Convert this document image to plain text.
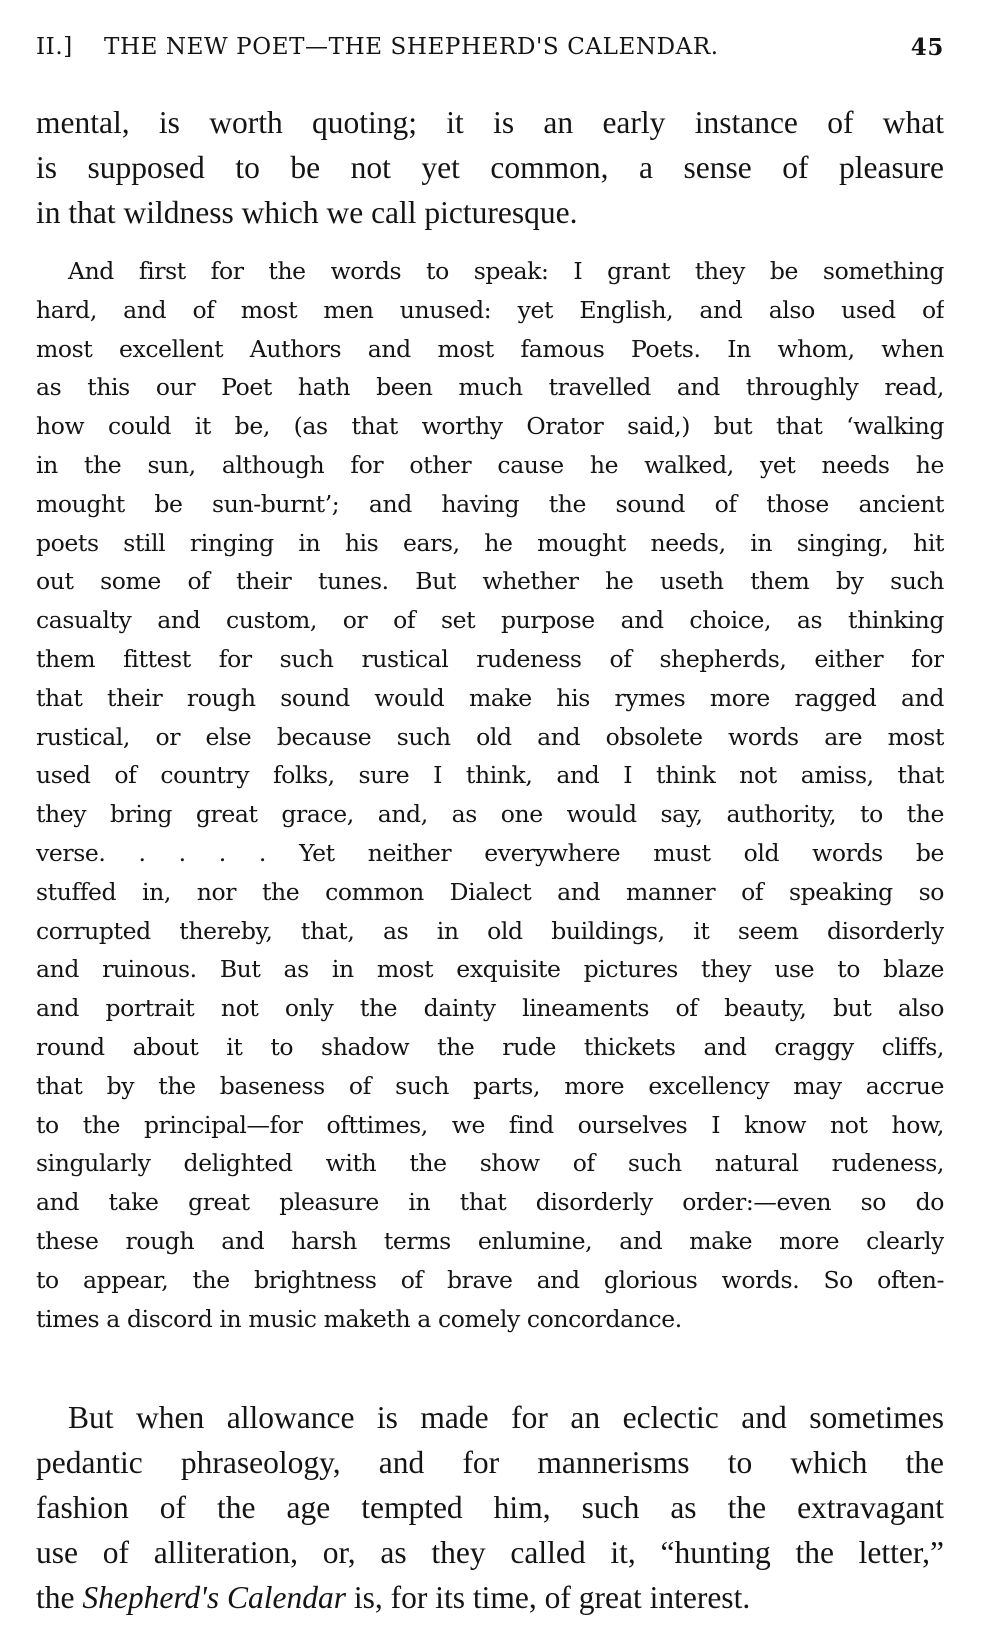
II.] THE NEW POET—THE SHEPHERD'S CALENDAR.	45
mental, is worth quoting; it is an early instance of what
is supposed to be not yet common, a sense of pleasure
in that wildness which we call picturesque.
And first for the words to speak: I grant they be something
hard, and of most men unused: yet English, and also used of
most excellent Authors and most famous Poets. In whom, when
as this our Poet hath been much travelled and throughly read,
how could it be, (as that worthy Orator said,) but that ‘walking
in the sun, although for other cause he walked, yet needs he
mought be sun-burnt’; and having the sound of those ancient
poets still ringing in his ears, he mought needs, in singing, hit
out some of their tunes. But whether he useth them by such
casualty and custom, or of set purpose and choice, as thinking
them fittest for such rustical rudeness of shepherds, either for
that their rough sound would make his rymes more ragged and
rustical, or else because such old and obsolete words are most
used of country folks, sure I think, and I think not amiss, that
they bring great grace, and, as one would say, authority, to the
verse. . . . . Yet neither everywhere must old words be
stuffed in, nor the common Dialect and manner of speaking so
corrupted thereby, that, as in old buildings, it seem disorderly
and ruinous. But as in most exquisite pictures they use to blaze
and portrait not only the dainty lineaments of beauty, but also
round about it to shadow the rude thickets and craggy cliffs,
that by the baseness of such parts, more excellency may accrue
to the principal—for ofttimes, we find ourselves I know not how,
singularly delighted with the show of such natural rudeness,
and take great pleasure in that disorderly order:—even so do
these rough and harsh terms enlumine, and make more clearly
to appear, the brightness of brave and glorious words. So often-
times a discord in music maketh a comely concordance.
But when allowance is made for an eclectic and sometimes
pedantic phraseology, and for mannerisms to which the
fashion of the age tempted him, such as the extravagant
use of alliteration, or, as they called it, “hunting the letter,”
the Shepherd's Calendar is, for its time, of great interest.
